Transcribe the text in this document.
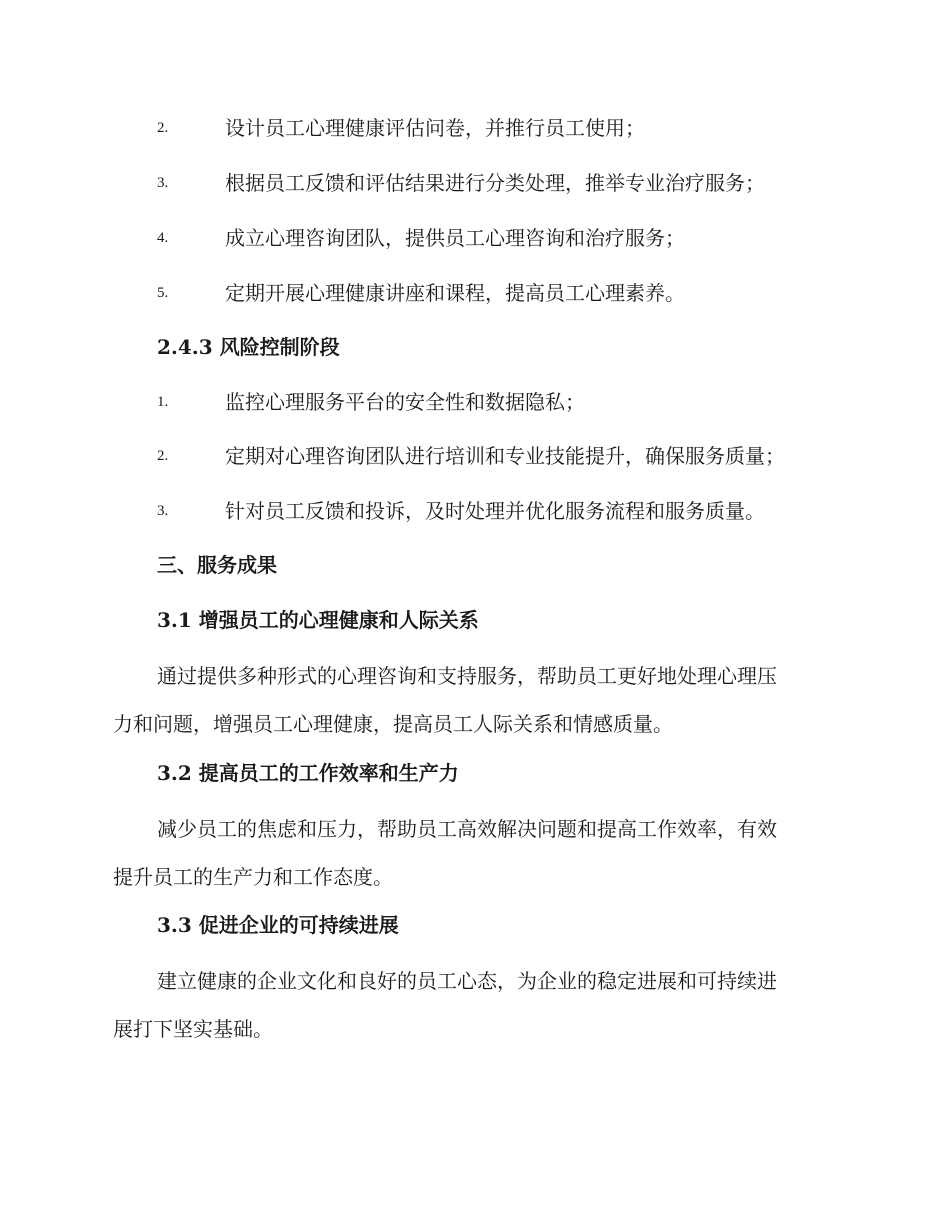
2.	设计员工心理健康评估问卷，并推行员工使用；
3.	根据员工反馈和评估结果进行分类处理，推举专业治疗服务；
4.	成立心理咨询团队，提供员工心理咨询和治疗服务；
5.	定期开展心理健康讲座和课程，提高员工心理素养。
2.4.3 风险控制阶段
1.	监控心理服务平台的安全性和数据隐私；
2.	定期对心理咨询团队进行培训和专业技能提升，确保服务质量；
3.	针对员工反馈和投诉，及时处理并优化服务流程和服务质量。
三、服务成果
3.1 增强员工的心理健康和人际关系
通过提供多种形式的心理咨询和支持服务，帮助员工更好地处理心理压
力和问题，增强员工心理健康，提高员工人际关系和情感质量。
3.2 提高员工的工作效率和生产力
减少员工的焦虑和压力，帮助员工高效解决问题和提高工作效率，有效
提升员工的生产力和工作态度。
3.3 促进企业的可持续进展
建立健康的企业文化和良好的员工心态，为企业的稳定进展和可持续进
展打下坚实基础。
